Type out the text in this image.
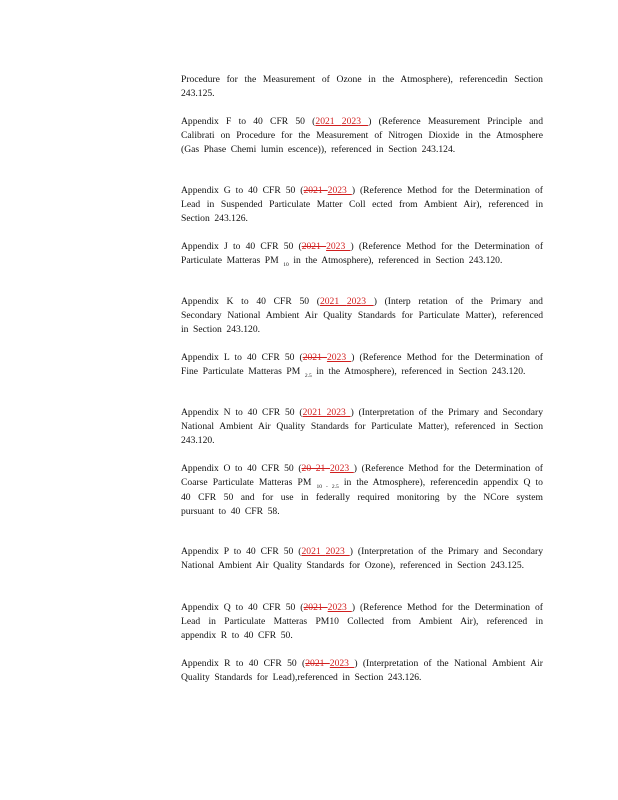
Procedure for the Measurement of Ozone in the Atmosphere), referencedin Section 243.125.

Appendix F to 40 CFR 50 (2021 2023 ) (Reference Measurement Principle and Calibrati on Procedure for the Measurement of Nitrogen Dioxide in the Atmosphere (Gas Phase Chemi lumin escence)), referenced in Section 243.124.

Appendix G to 40 CFR 50 (2021 2023 ) (Reference Method for the Determination of Lead in Suspended Particulate Matter Coll ected from Ambient Air), referenced in Section 243.126.

Appendix J to 40 CFR 50 (2021 2023 ) (Reference Method for the Determination of Particulate Matteras PM $_{10}$ in the Atmosphere), referenced in Section 243.120.

Appendix K to 40 CFR 50 (2021 2023 ) (Interp retation of the Primary and Secondary National Ambient Air Quality Standards for Particulate Matter), referenced in Section 243.120.

Appendix L to 40 CFR 50 (2021 2023 ) (Reference Method for the Determination of Fine Particulate Matteras PM $_{2.5}$ in the Atmosphere), referenced in Section 243.120.

Appendix N to 40 CFR 50 (2021 2023 ) (Interpretation of the Primary and Secondary National Ambient Air Quality Standards for Particulate Matter), referenced in Section 243.120.

Appendix O to 40 CFR 50 (20 21 2023 ) (Reference Method for the Determination of Coarse Particulate Matteras PM $_{10 - 2.5}$ in the Atmosphere), referencedin appendix Q to 40 CFR 50 and for use in federally required monitoring by the NCore system pursuant to 40 CFR 58.

Appendix P to 40 CFR 50 (2021 2023 ) (Interpretation of the Primary and Secondary National Ambient Air Quality Standards for Ozone), referenced in Section 243.125.

Appendix Q to 40 CFR 50 (2021 2023 ) (Reference Method for the Determination of Lead in Particulate Matteras PM10 Collected from Ambient Air), referenced in appendix R to 40 CFR 50.

Appendix R to 40 CFR 50 (2021 2023 ) (Interpretation of the National Ambient Air Quality Standards for Lead),referenced in Section 243.126.
